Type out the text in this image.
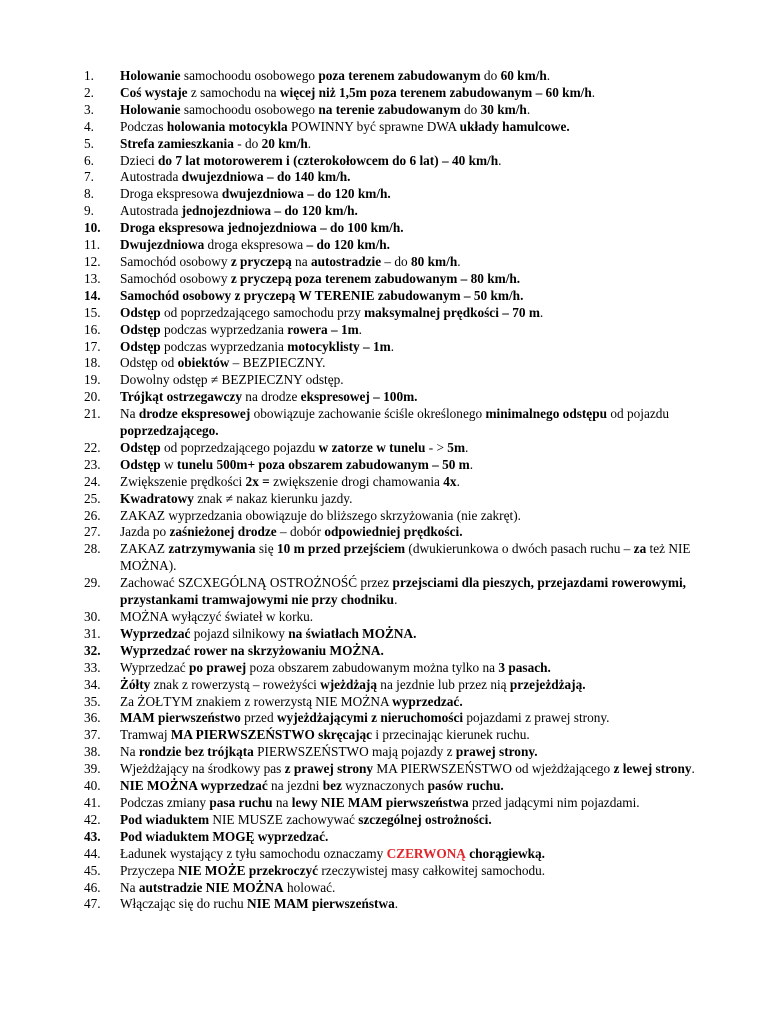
1.	Holowanie samochoodu osobowego poza terenem zabudowanym do 60 km/h.
2.	Coś wystaje z samochodu na więcej niż 1,5m poza terenem zabudowanym – 60 km/h.
3.	Holowanie samochoodu osobowego na terenie zabudowanym do 30 km/h.
4.	Podczas holowania motocykla POWINNY być sprawne DWA układy hamulcowe.
5.	Strefa zamieszkania - do 20 km/h.
6.	Dzieci do 7 lat motorowerem i (czterokołowcem do 6 lat) – 40 km/h.
7.	Autostrada dwujezdniowa – do 140 km/h.
8.	Droga ekspresowa dwujezdniowa – do 120 km/h.
9.	Autostrada jednojezdniowa – do 120 km/h.
10.	Droga ekspresowa jednojezdniowa – do 100 km/h.
11.	Dwujezdniowa droga ekspresowa – do 120 km/h.
12.	Samochód osobowy z pryczepą na autostradzie – do 80 km/h.
13.	Samochód osobowy z pryczepą poza terenem zabudowanym – 80 km/h.
14.	Samochód osobowy z pryczepą W TERENIE zabudowanym – 50 km/h.
15.	Odstęp od poprzedzającego samochodu przy maksymalnej prędkości – 70 m.
16.	Odstęp podczas wyprzedzania rowera – 1m.
17.	Odstęp podczas wyprzedzania motocyklisty – 1m.
18.	Odstęp od obiektów – BEZPIECZNY.
19.	Dowolny odstęp ≠ BEZPIECZNY odstęp.
20.	Trójkąt ostrzegawczy na drodze ekspresowej – 100m.
21.	Na drodze ekspresowej obowiązuje zachowanie ściśle określonego minimalnego odstępu od pojazdu poprzedzającego.
22.	Odstęp od poprzedzającego pojazdu w zatorze w tunelu - > 5m.
23.	Odstęp w tunelu 500m+ poza obszarem zabudowanym – 50 m.
24.	Zwiększenie prędkości 2x = zwiększenie drogi chamowania 4x.
25.	Kwadratowy znak ≠ nakaz kierunku jazdy.
26.	ZAKAZ wyprzedzania obowiązuje do bliższego skrzyżowania (nie zakręt).
27.	Jazda po zaśnieżonej drodze – dobór odpowiedniej prędkości.
28.	ZAKAZ zatrzymywania się 10 m przed przejściem (dwukierunkowa o dwóch pasach ruchu – za też NIE MOŻNA).
29.	Zachować SZCXEGÓLNĄ OSTROŻNOŚĆ przez przejsciami dla pieszych, przejazdami rowerowymi, przystankami tramwajowymi nie przy chodniku.
30.	MOŻNA wyłączyć świateł w korku.
31.	Wyprzedzać pojazd silnikowy na światłach MOŻNA.
32.	Wyprzedzać rower na skrzyżowaniu MOŻNA.
33.	Wyprzedzać po prawej poza obszarem zabudowanym można tylko na 3 pasach.
34.	Żółty znak z rowerzystą – roweżyści wjeżdżają na jezdnie lub przez nią przejeżdżają.
35.	Za ŻOŁTYM znakiem z rowerzystą NIE MOŻNA wyprzedzać.
36.	MAM pierwszeństwo przed wyjeżdżającymi z nieruchomości pojazdami z prawej strony.
37.	Tramwaj MA PIERWSZEŃSTWO skręcając i przecinając kierunek ruchu.
38.	Na rondzie bez trójkąta PIERWSZEŃSTWO mają pojazdy z prawej strony.
39.	Wjeżdżający na środkowy pas z prawej strony MA PIERWSZEŃSTWO od wjeżdżającego z lewej strony.
40.	NIE MOŻNA wyprzedzać na jezdni bez wyznaczonych pasów ruchu.
41.	Podczas zmiany pasa ruchu na lewy NIE MAM pierwszeństwa przed jadącymi nim pojazdami.
42.	Pod wiaduktem NIE MUSZE zachowywać szczególnej ostrożności.
43.	Pod wiaduktem MOGĘ wyprzedzać.
44.	Ładunek wystający z tyłu samochodu oznaczamy CZERWONĄ chorągiewką.
45.	Przyczepa NIE MOŻE przekroczyć rzeczywistej masy całkowitej samochodu.
46.	Na autstradzie NIE MOŻNA holować.
47.	Włączając się do ruchu NIE MAM pierwszeństwa.
